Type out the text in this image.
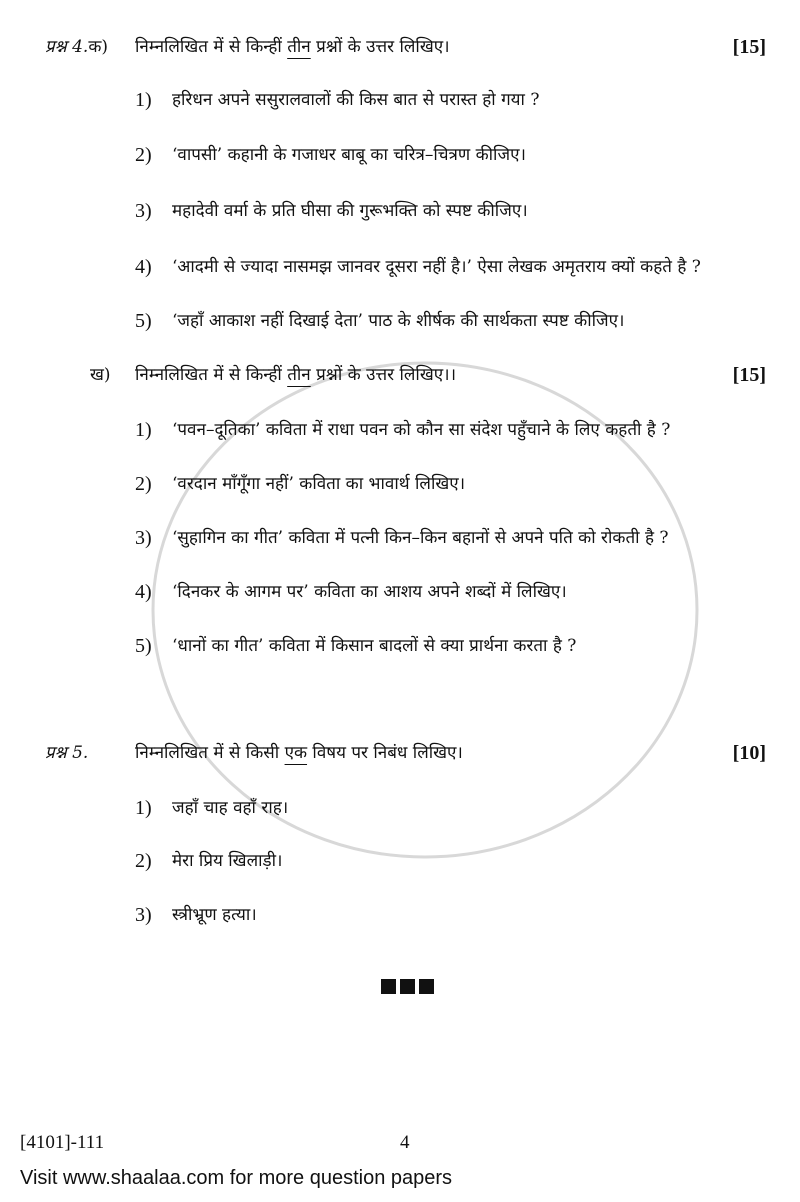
प्रश्न 4.क) निम्नलिखित में से किन्हीं तीन प्रश्नों के उत्तर लिखिए।	[15]
1) हरिधन अपने ससुरालवालों की किस बात से परास्त हो गया ?
2) ‘वापसी’ कहानी के गजाधर बाबू का चरित्र–चित्रण कीजिए।
3) महादेवी वर्मा के प्रति घीसा की गुरूभक्ति को स्पष्ट कीजिए।
4) ‘आदमी से ज्यादा नासमझ जानवर दूसरा नहीं है।’ ऐसा लेखक अमृतराय क्यों कहते है ?
5) ‘जहाँ आकाश नहीं दिखाई देता’ पाठ के शीर्षक की सार्थकता स्पष्ट कीजिए।
ख) निम्नलिखित में से किन्हीं तीन प्रश्नों के उत्तर लिखिए।।	[15]
1) ‘पवन–दूतिका’ कविता में राधा पवन को कौन सा संदेश पहुँचाने के लिए कहती है ?
2) ‘वरदान माँगूँगा नहीं’ कविता का भावार्थ लिखिए।
3) ‘सुहागिन का गीत’ कविता में पत्नी किन–किन बहानों से अपने पति को रोकती है ?
4) ‘दिनकर के आगम पर’ कविता का आशय अपने शब्दों में लिखिए।
5) ‘धानों का गीत’ कविता में किसान बादलों से क्या प्रार्थना करता है ?
प्रश्न 5.	निम्नलिखित में से किसी एक विषय पर निबंध लिखिए।	[10]
1) जहाँ चाह वहाँ राह।
2) मेरा प्रिय खिलाड़ी।
3) स्त्रीभ्रूण हत्या।
[4101]-111	4
Visit www.shaalaa.com for more question papers
